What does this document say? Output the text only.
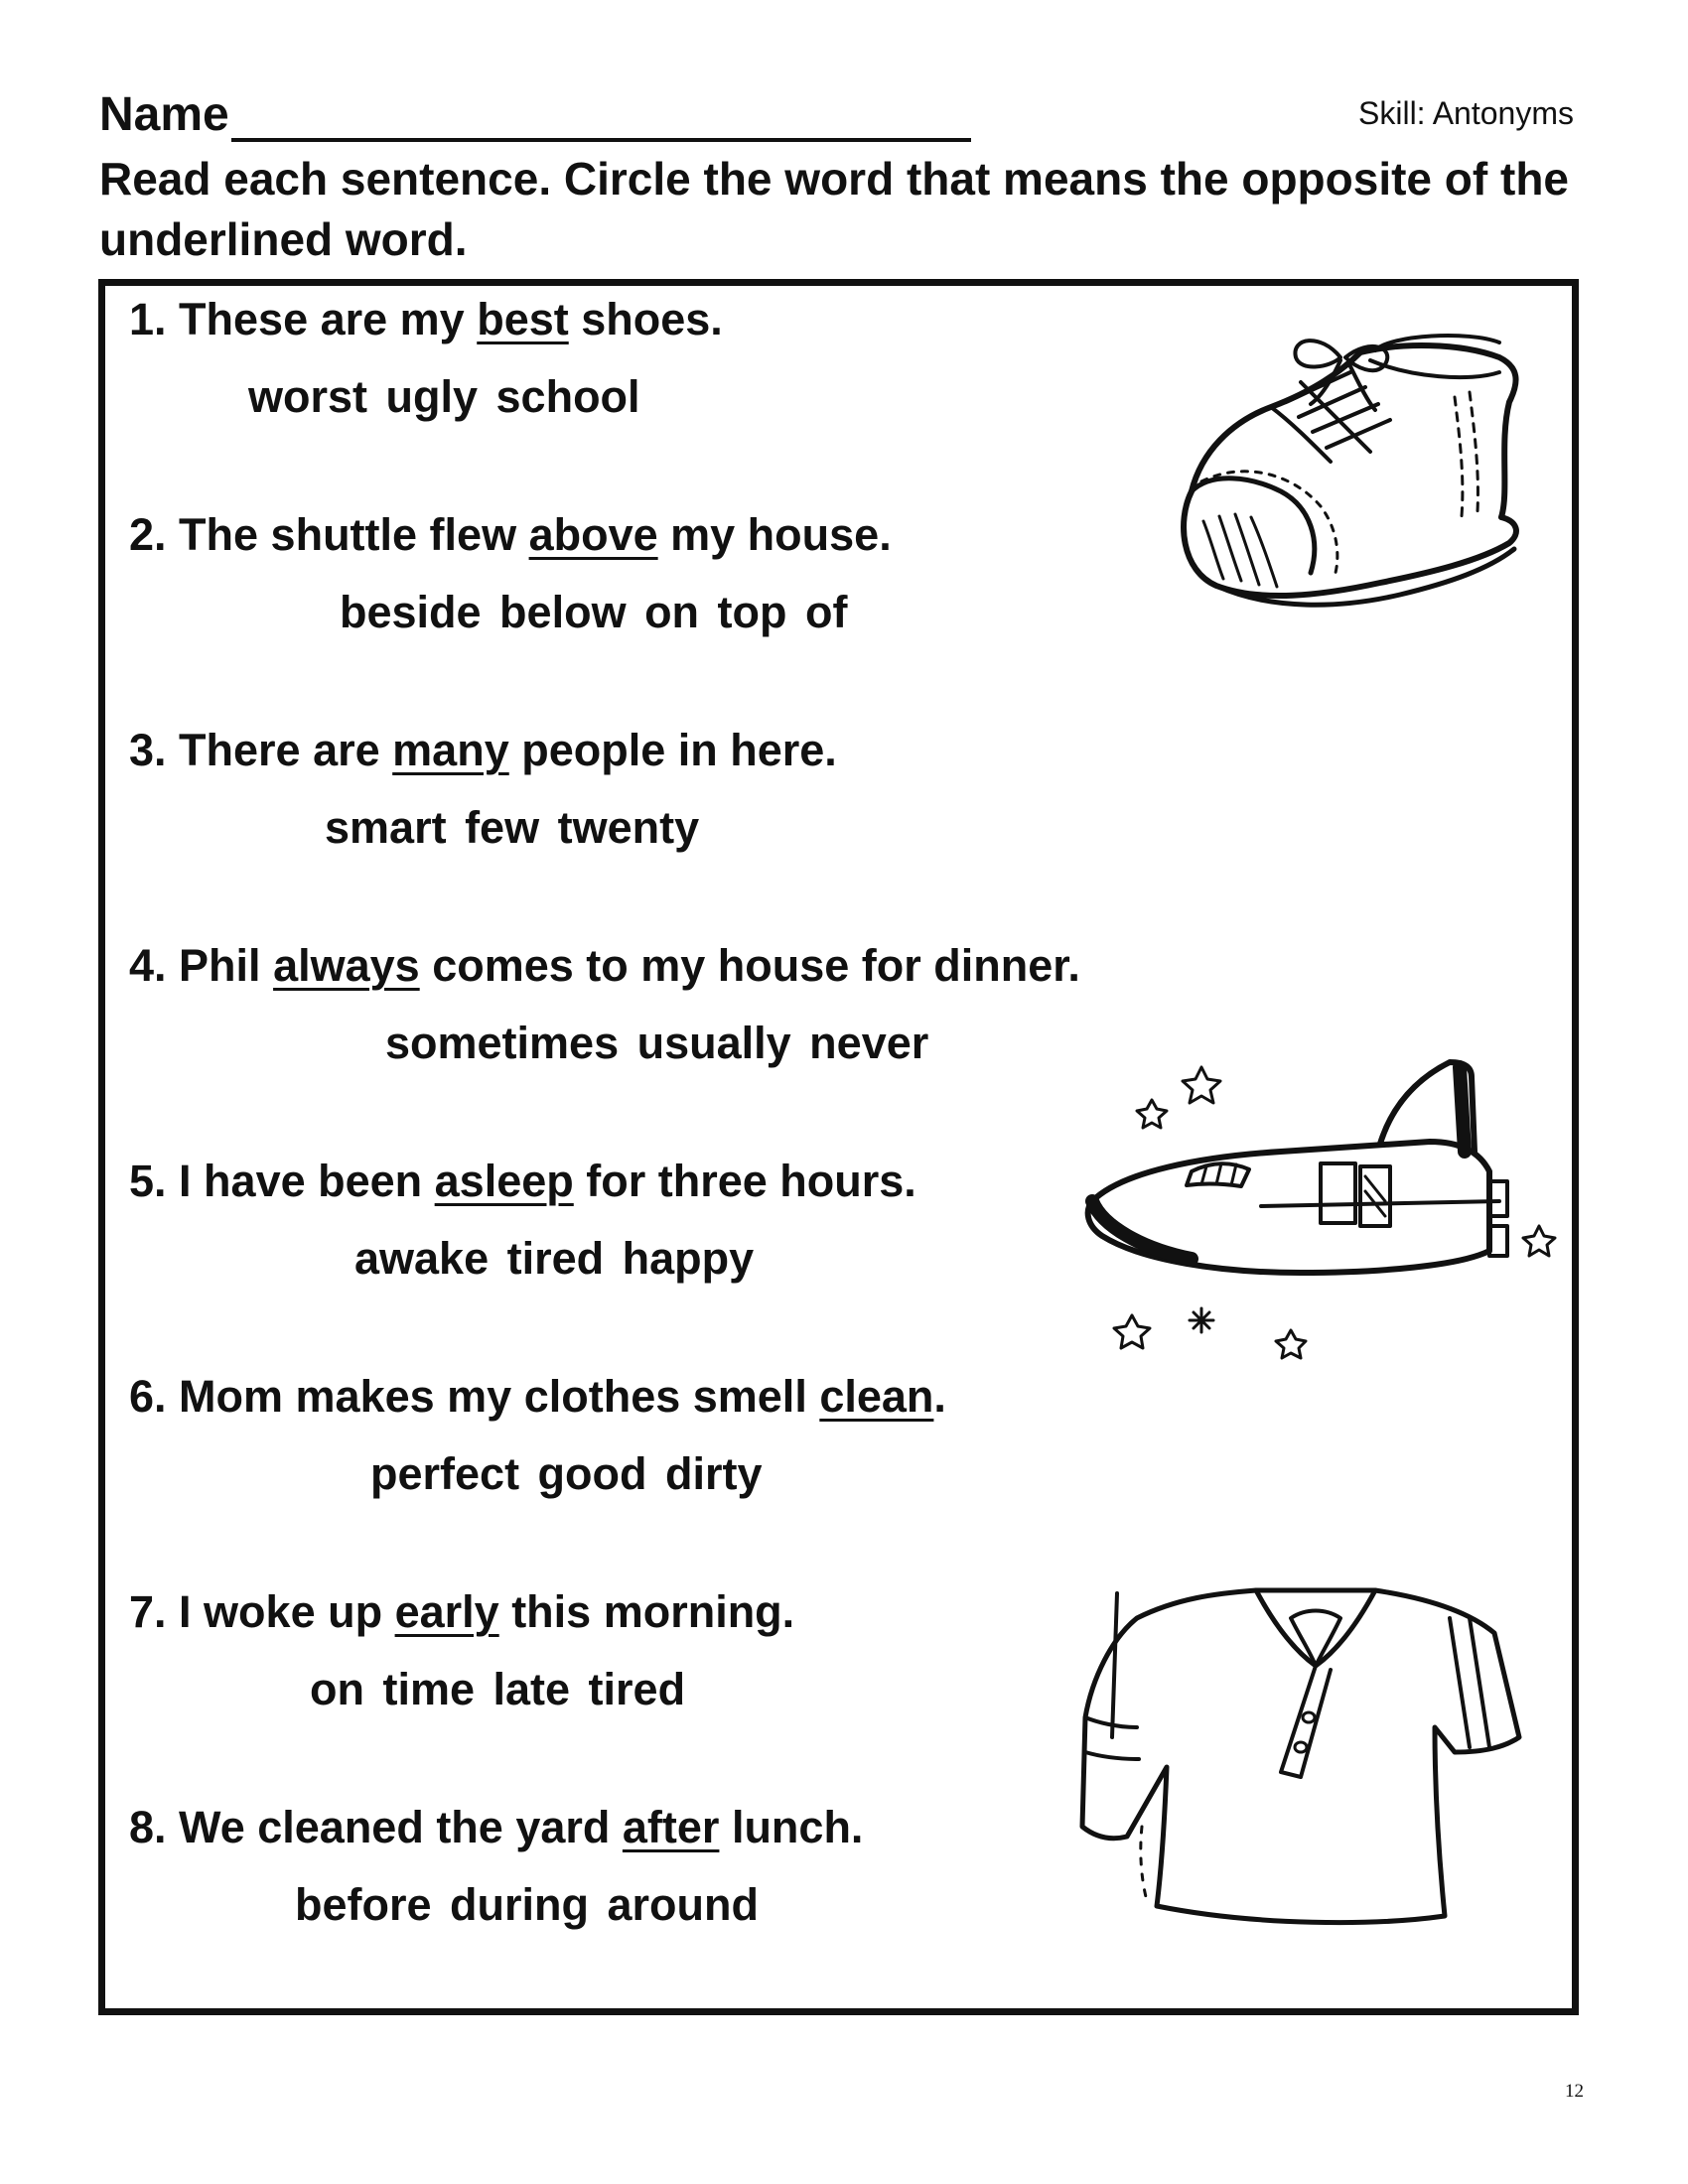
Name	Skill: Antonyms
Read each sentence. Circle the word that means the opposite of the underlined word.
1. These are my best shoes.
worst ugly school
2. The shuttle flew above my house.
beside below on top of
3. There are many people in here.
smart few twenty
4. Phil always comes to my house for dinner.
sometimes usually never
5. I have been asleep for three hours.
awake tired happy
6. Mom makes my clothes smell clean.
perfect good dirty
7. I woke up early this morning.
on time late tired
8. We cleaned the yard after lunch.
before during around
12
